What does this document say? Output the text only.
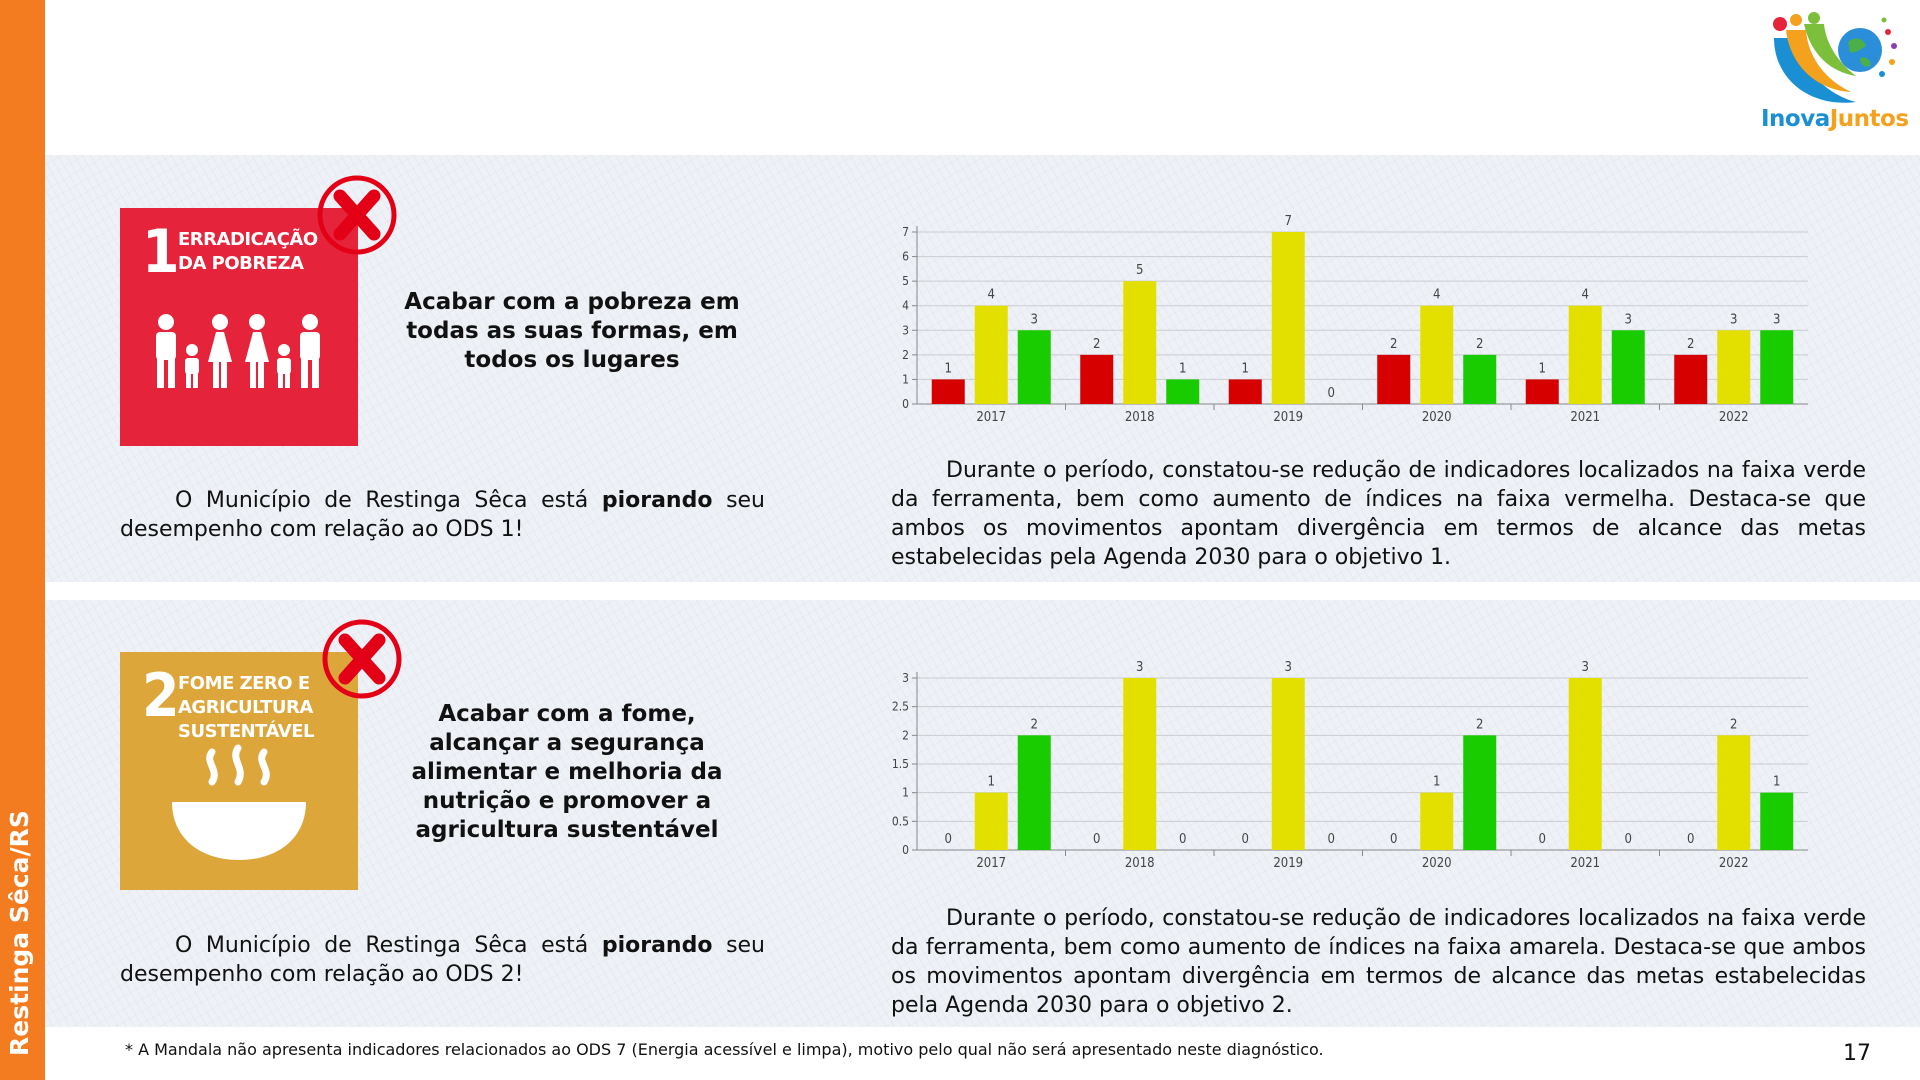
Restinga Sêca/RS
InovaJuntos
1
ERRADICAÇÃO
DA POBREZA
Acabar com a pobreza em todas as suas formas, em todos os lugares
O Município de Restinga Sêca está piorando seu desempenho com relação ao ODS 1!
Durante o período, constatou-se redução de indicadores localizados na faixa verde da ferramenta, bem como aumento de índices na faixa vermelha. Destaca-se que ambos os movimentos apontam divergência em termos de alcance das metas estabelecidas pela Agenda 2030 para o objetivo 1.
2
FOME ZERO E
AGRICULTURA
SUSTENTÁVEL
Acabar com a fome, alcançar a segurança alimentar e melhoria da nutrição e promover a agricultura sustentável
O Município de Restinga Sêca está piorando seu desempenho com relação ao ODS 2!
Durante o período, constatou-se redução de indicadores localizados na faixa verde da ferramenta, bem como aumento de índices na faixa amarela. Destaca-se que ambos os movimentos apontam divergência em termos de alcance das metas estabelecidas pela Agenda 2030 para o objetivo 2.
0
1
2
3
4
5
6
7
2017
1
4
3
2018
2
5
1
2019
1
7
0
2020
2
4
2
2021
1
4
3
2022
2
3	3
0
0.5
1
1.5
2
2.5
3
2017
0
1
2
2018
0
3
0
2019
0
3
0
2020
0
1
2
2021
0
3
0
2022
0
2
1
* A Mandala não apresenta indicadores relacionados ao ODS 7 (Energia acessível e limpa), motivo pelo qual não será apresentado neste diagnóstico.	17
